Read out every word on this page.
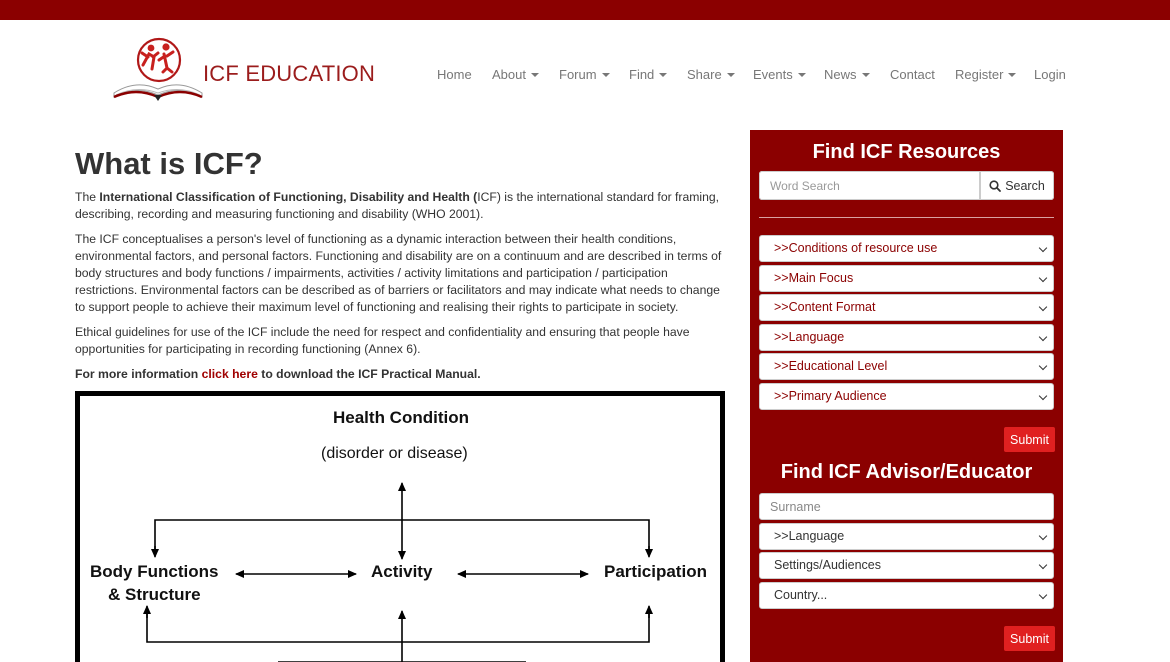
ICF EDUCATION	Home About	Forum	Find	Share	Events	News	Contact Register	Login
What is ICF?

The International Classification of Functioning, Disability and Health (ICF) is the international standard for framing, describing, recording and measuring functioning and disability (WHO 2001).

The ICF conceptualises a person's level of functioning as a dynamic interaction between their health conditions, environmental factors, and personal factors. Functioning and disability are on a continuum and are described in terms of body structures and body functions / impairments, activities / activity limitations and participation / participation restrictions. Environmental factors can be described as of barriers or facilitators and may indicate what needs to change to support people to achieve their maximum level of functioning and realising their rights to participate in society.

Ethical guidelines for use of the ICF include the need for respect and confidentiality and ensuring that people have opportunities for participating in recording functioning (Annex 6).

For more information click here to download the ICF Practical Manual.

Health Condition
(disorder or disease)
Body Functions
& Structure
Activity	Participation
Find ICF Resources
Word Search
Search
>>Conditions of resource use
>>Main Focus
>>Content Format
>>Language
>>Educational Level
>>Primary Audience
Submit
Find ICF Advisor/Educator
Surname
>>Language
Settings/Audiences
Country...
Submit
